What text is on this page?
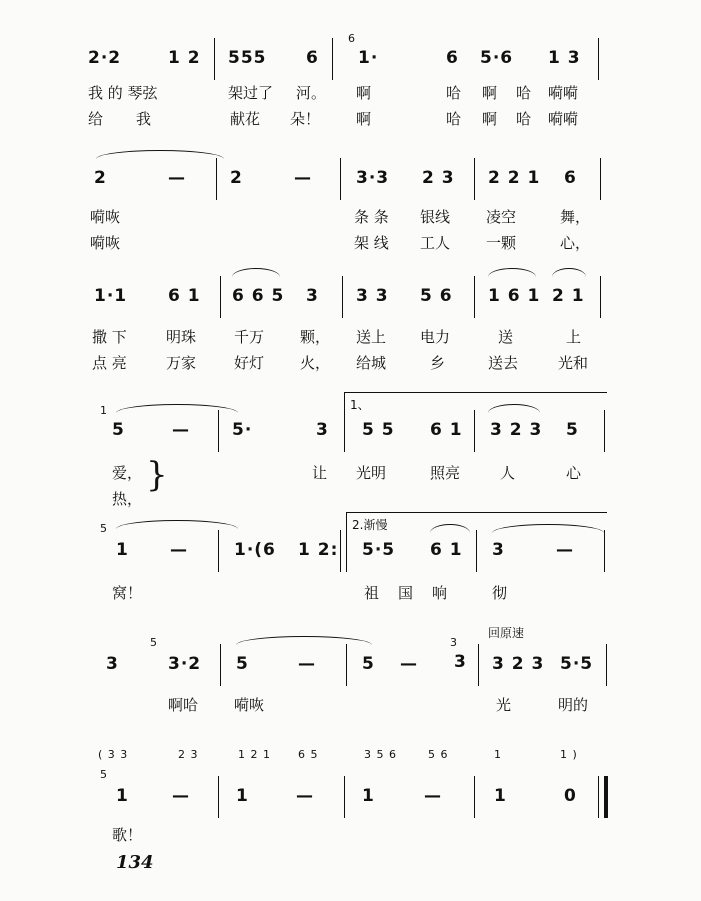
2·2	1 2 555 6
6
1·	6 5·6 1 3
我 的 琴弦	架过了 河。 啊	哈 啊 哈 嗬嗬
给 我	献花 朵！ 啊	哈 啊 哈 嗬嗬
2	—	2	—	3·3 2 3 2 2 1 6
嗬咴	条 条 银线 凌空	舞，
嗬咴	架 线 工人 一颗	心，
1·1 6 1 6 6 5 3 3 3 5 6 1 6 1 2 1
撒 下	明珠	千万 颗， 送上 电力	送	上
点 亮	万家	好灯 火， 给城	乡	送去	光和
1、
1
5	— 5·	3 5 5 6 1 3 2 3 5
爱，	让 光明	照亮	人	心
热，
}
2.渐慢
5
1 —	1·(6 1 2: 5·5 6 1 3	—
窝！	祖 国 响	彻
回原速
3
5
3·2 5	—	5 —
3
3 3 2 3 5·5
啊哈 嗬咴	光	明的
( 3 3	2 3	1 2 1 6 5	3 5 6	5 6	1	1 )
5
1	—	1	—	1	—	1	0
歌！
134
